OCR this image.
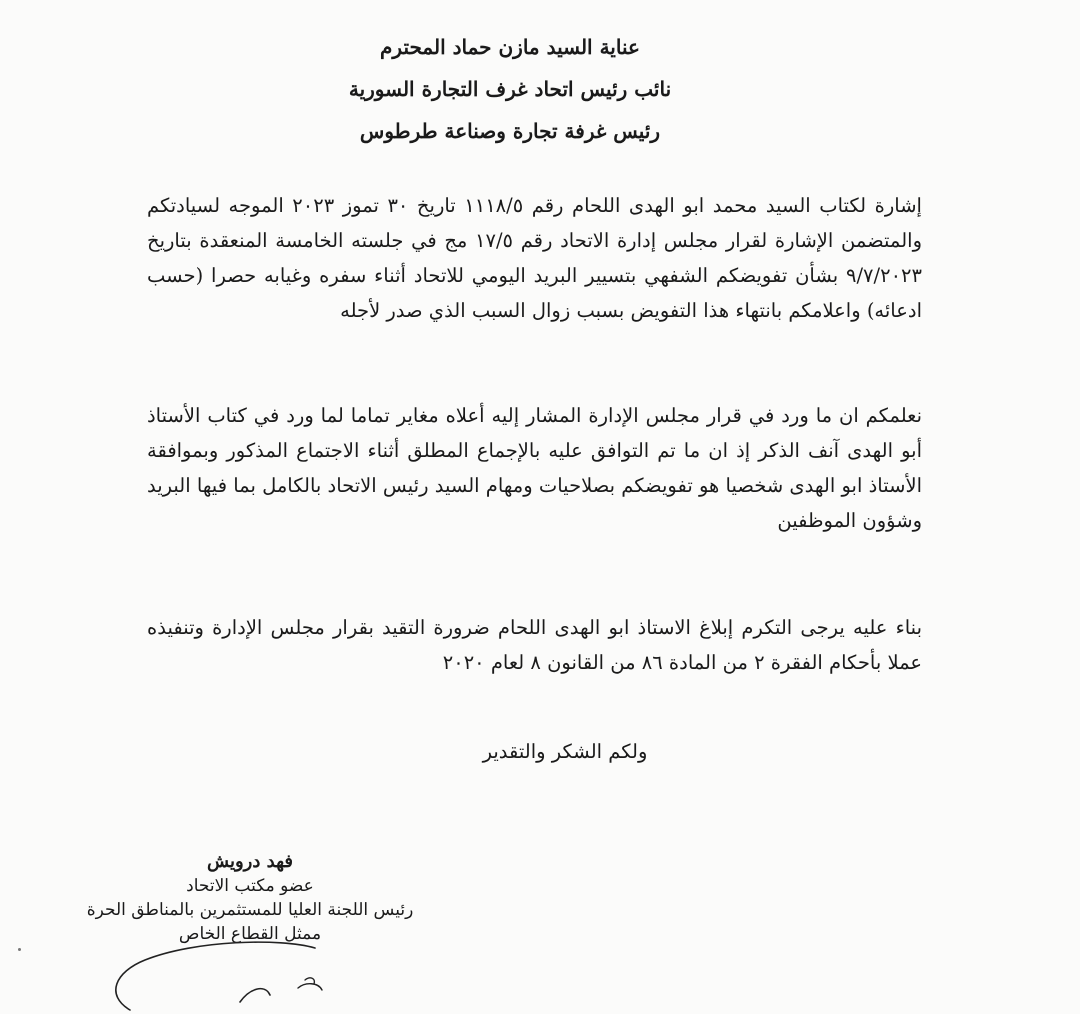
عناية السيد مازن حماد المحترم
نائب رئيس اتحاد غرف التجارة السورية
رئيس غرفة تجارة وصناعة طرطوس

إشارة لكتاب السيد محمد ابو الهدى اللحام رقم ١١١٨/٥ تاريخ ٣٠ تموز ٢٠٢٣ الموجه لسيادتكم والمتضمن الإشارة لقرار مجلس إدارة الاتحاد رقم ١٧/٥ مج في جلسته الخامسة المنعقدة بتاريخ ٩/٧/٢٠٢٣ بشأن تفويضكم الشفهي بتسيير البريد اليومي للاتحاد أثناء سفره وغيابه حصرا (حسب ادعائه) واعلامكم بانتهاء هذا التفويض بسبب زوال السبب الذي صدر لأجله

نعلمكم ان ما ورد في قرار مجلس الإدارة المشار إليه أعلاه مغاير تماما لما ورد في كتاب الأستاذ أبو الهدى آنف الذكر إذ ان ما تم التوافق عليه بالإجماع المطلق أثناء الاجتماع المذكور وبموافقة الأستاذ ابو الهدى شخصيا هو تفويضكم بصلاحيات ومهام السيد رئيس الاتحاد بالكامل بما فيها البريد وشؤون الموظفين

بناء عليه يرجى التكرم إبلاغ الاستاذ ابو الهدى اللحام ضرورة التقيد بقرار مجلس الإدارة وتنفيذه عملا بأحكام الفقرة ٢ من المادة ٨٦ من القانون ٨ لعام ٢٠٢٠

ولكم الشكر والتقدير
فهد درويش
عضو مكتب الاتحاد
رئيس اللجنة العليا للمستثمرين بالمناطق الحرة
ممثل القطاع الخاص
